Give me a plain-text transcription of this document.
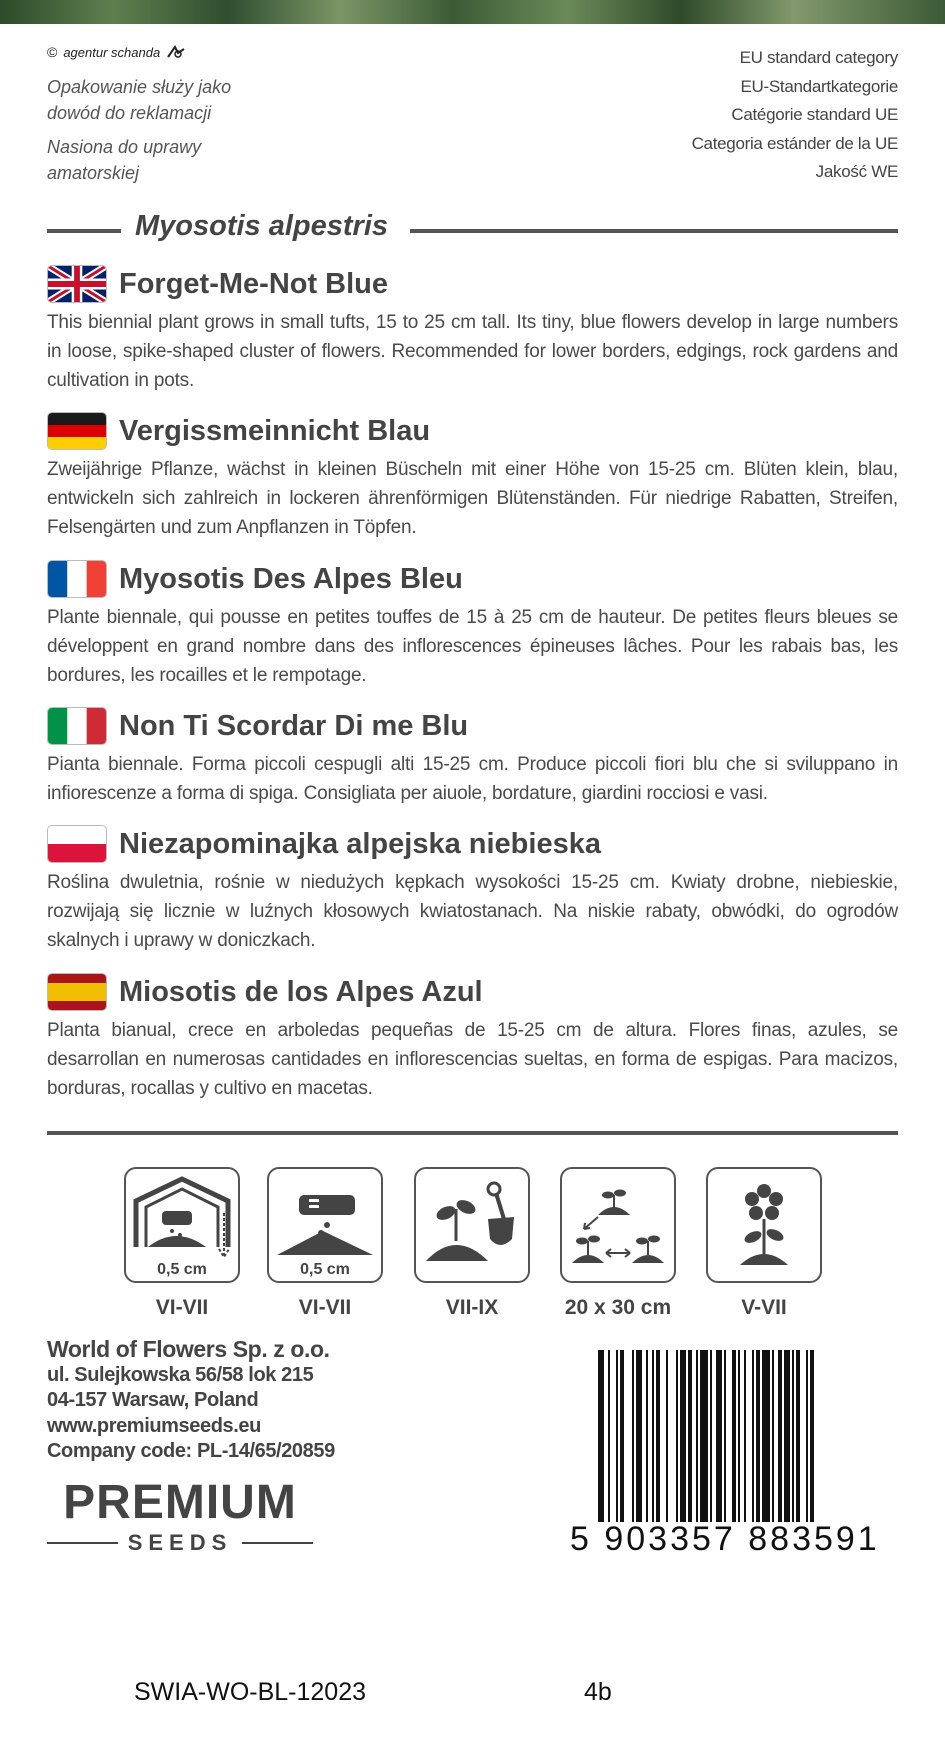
© agentur schanda

Opakowanie służy jako
dowód do reklamacji

Nasiona do uprawy
amatorskiej

EU standard category
EU-Standartkategorie
Catégorie standard UE
Categoria estánder de la UE
Jakość WE
Myosotis alpestris
Forget-Me-Not Blue

This biennial plant grows in small tufts, 15 to 25 cm tall. Its tiny, blue flowers develop in large numbers in loose, spike-shaped cluster of flowers. Recommended for lower borders, edgings, rock gardens and cultivation in pots.

Vergissmeinnicht Blau

Zweijährige Pflanze, wächst in kleinen Büscheln mit einer Höhe von 15-25 cm. Blüten klein, blau, entwickeln sich zahlreich in lockeren ährenförmigen Blütenständen. Für niedrige Rabatten, Streifen, Felsengärten und zum Anpflanzen in Töpfen.

Myosotis Des Alpes Bleu

Plante biennale, qui pousse en petites touffes de 15 à 25 cm de hauteur. De petites fleurs bleues se développent en grand nombre dans des inflorescences épineuses lâches. Pour les rabais bas, les bordures, les rocailles et le rempotage.

Non Ti Scordar Di me Blu

Pianta biennale. Forma piccoli cespugli alti 15-25 cm. Produce piccoli fiori blu che si sviluppano in infiorescenze a forma di spiga. Consigliata per aiuole, bordature, giardini rocciosi e vasi.

Niezapominajka alpejska niebieska

Roślina dwuletnia, rośnie w niedużych kępkach wysokości 15-25 cm. Kwiaty drobne, niebieskie, rozwijają się licznie w luźnych kłosowych kwiatostanach. Na niskie rabaty, obwódki, do ogrodów skalnych i uprawy w doniczkach.

Miosotis de los Alpes Azul

Planta bianual, crece en arboledas pequeñas de 15-25 cm de altura. Flores finas, azules, se desarrollan en numerosas cantidades en inflorescencias sueltas, en forma de espigas. Para macizos, borduras, rocallas y cultivo en macetas.

0,5 cm
VI-VII
0,5 cm
VI-VII	VII-IX	20 x 30 cm	V-VII
World of Flowers Sp. z o.o.
ul. Sulejkowska 56/58 lok 215
04-157 Warsaw, Poland
www.premiumseeds.eu
Company code: PL-14/65/20859
PREMIUM
SEEDS	5 903357 883591
SWIA-WO-BL-12023	4b
